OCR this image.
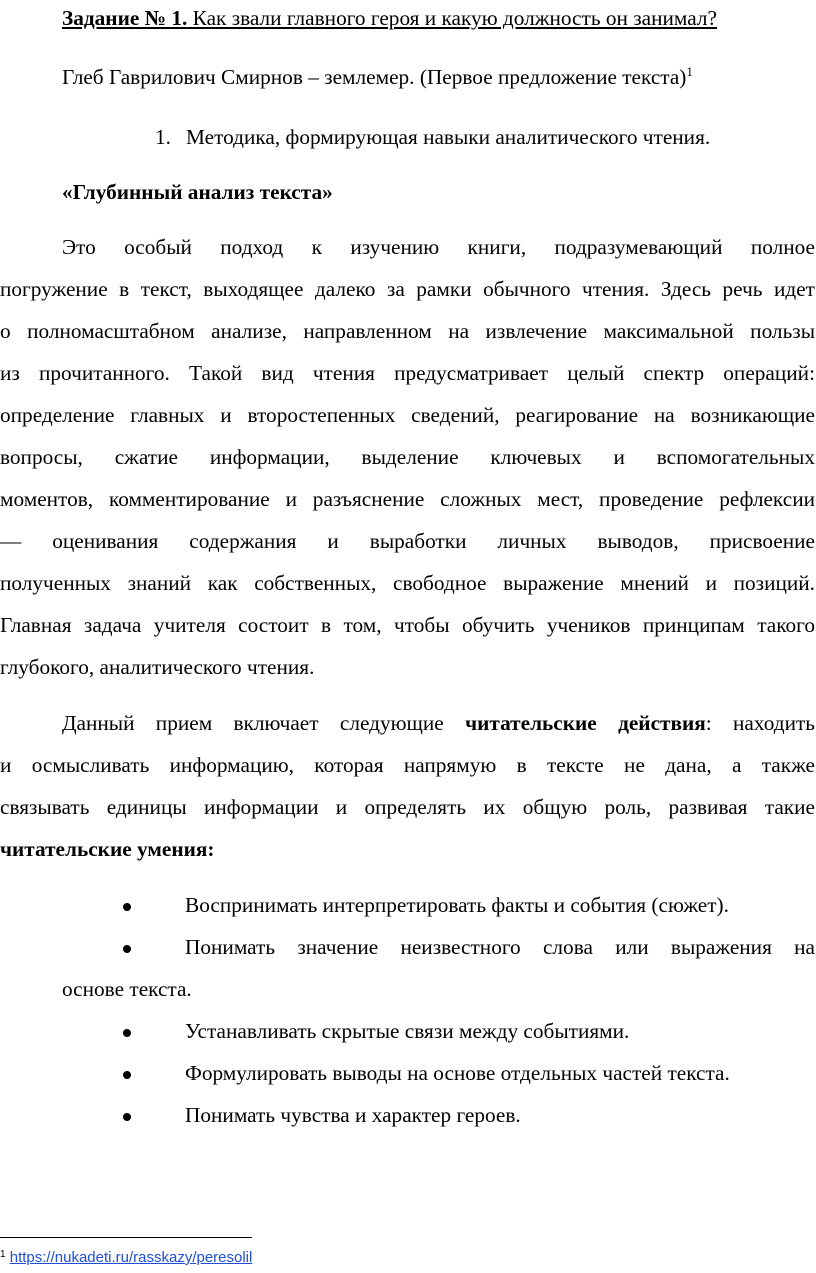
Задание № 1. Как звали главного героя и какую должность он занимал?
Глеб Гаврилович Смирнов – землемер. (Первое предложение текста)$^1$
1. Методика, формирующая навыки аналитического чтения.
«Глубинный анализ текста»
Это особый подход к изучению книги, подразумевающий полное
погружение в текст, выходящее далеко за рамки обычного чтения. Здесь речь идет
о полномасштабном анализе, направленном на извлечение максимальной пользы
из прочитанного. Такой вид чтения предусматривает целый спектр операций:
определение главных и второстепенных сведений, реагирование на возникающие
вопросы, сжатие информации, выделение ключевых и вспомогательных
моментов, комментирование и разъяснение сложных мест, проведение рефлексии
— оценивания содержания и выработки личных выводов, присвоение
полученных знаний как собственных, свободное выражение мнений и позиций.
Главная задача учителя состоит в том, чтобы обучить учеников принципам такого
глубокого, аналитического чтения.
Данный прием включает следующие читательские действия: находить
и осмысливать информацию, которая напрямую в тексте не дана, а также
связывать единицы информации и определять их общую роль, развивая такие
читательские умения:
Воспринимать интерпретировать факты и события (сюжет).
Понимать значение неизвестного слова или выражения на
основе текста.
Устанавливать скрытые связи между событиями.
Формулировать выводы на основе отдельных частей текста.
Понимать чувства и характер героев.
$^1$ https://nukadeti.ru/rasskazy/peresolil
